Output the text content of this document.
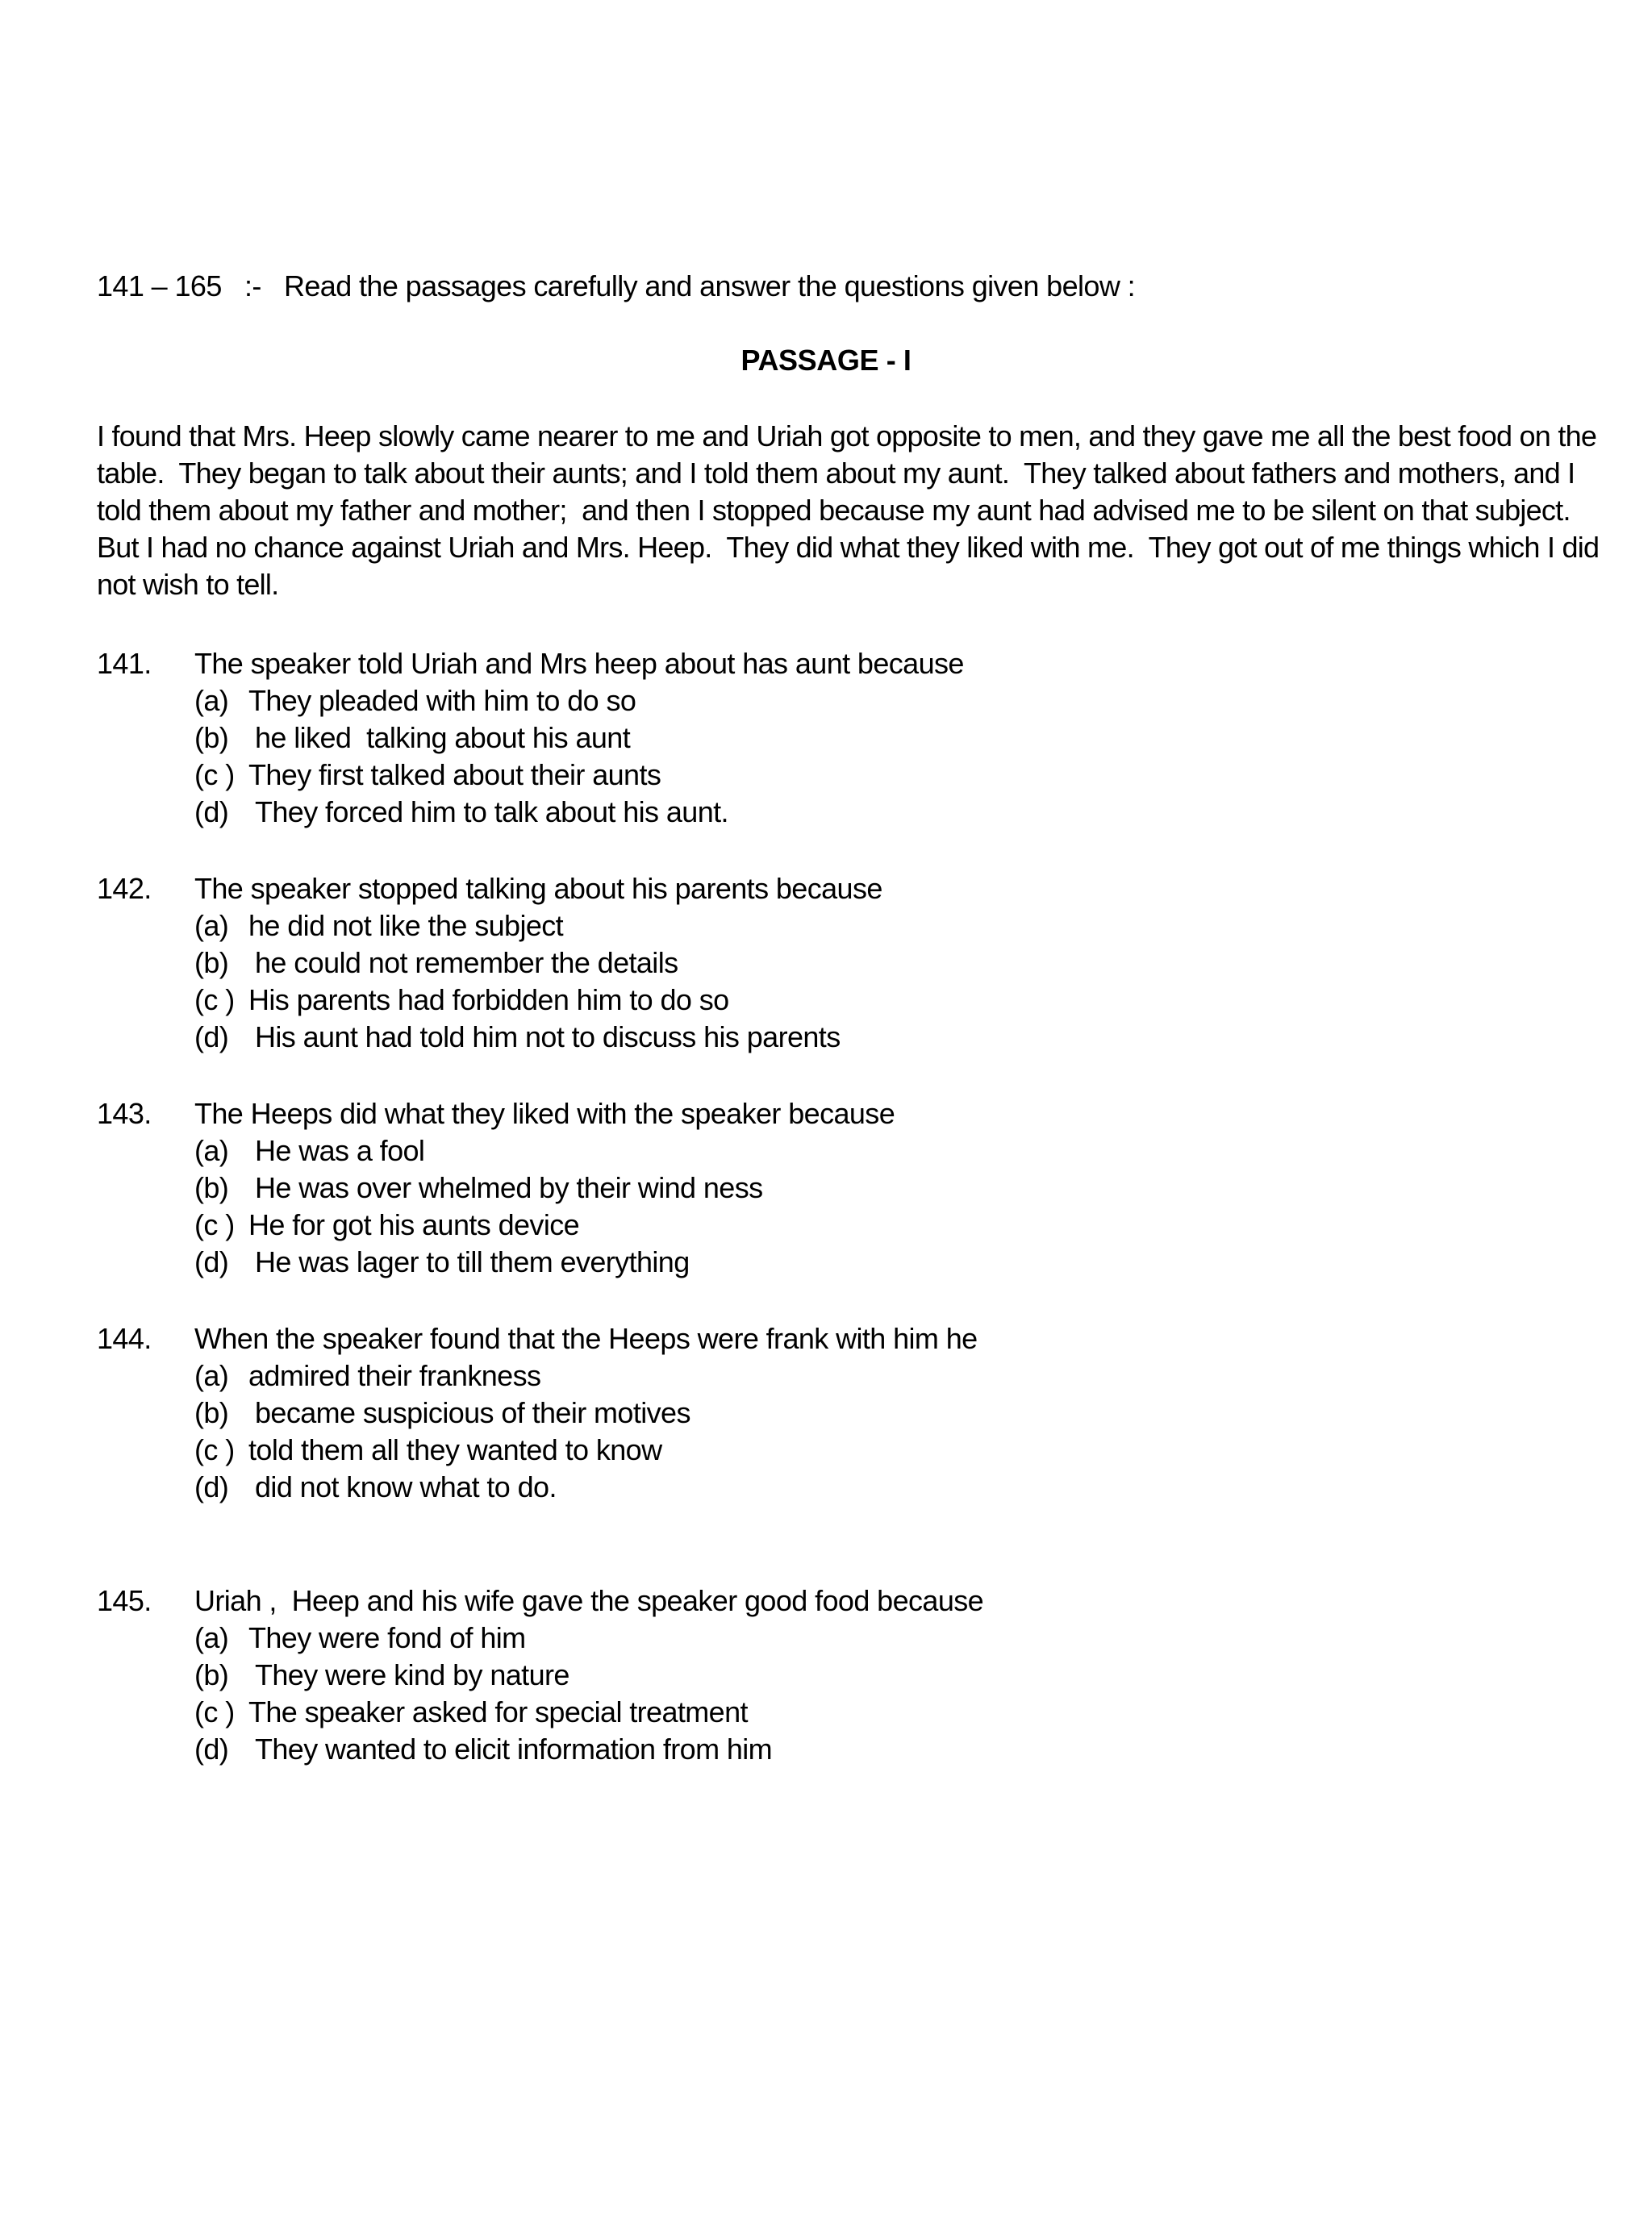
141 – 165   :-   Read the passages carefully and answer the questions given below :
PASSAGE - I
I found that Mrs. Heep slowly came nearer to me and Uriah got opposite to men, and they gave me all the best food on the
table.  They began to talk about their aunts; and I told them about my aunt.  They talked about fathers and mothers, and I
told them about my father and mother;  and then I stopped because my aunt had advised me to be silent on that subject.
But I had no chance against Uriah and Mrs. Heep.  They did what they liked with me.  They got out of me things which I did
not wish to tell.
141. The speaker told Uriah and Mrs heep about has aunt because

(a)

They pleaded with him to do so

(b)

he liked  talking about his aunt

(c )

They first talked about their aunts

(d)

They forced him to talk about his aunt.

142. The speaker stopped talking about his parents because

(a)

he did not like the subject

(b)

he could not remember the details

(c )

His parents had forbidden him to do so

(d)

His aunt had told him not to discuss his parents

143. The Heeps did what they liked with the speaker because

(a)

He was a fool

(b)

He was over whelmed by their wind ness

(c )

He for got his aunts device

(d)

He was lager to till them everything

144. When the speaker found that the Heeps were frank with him he

(a)

admired their frankness

(b)

became suspicious of their motives

(c )

told them all they wanted to know

(d)

did not know what to do.

145. Uriah ,  Heep and his wife gave the speaker good food because

(a)

They were fond of him

(b)

They were kind by nature

(c )

The speaker asked for special treatment

(d)

They wanted to elicit information from him
